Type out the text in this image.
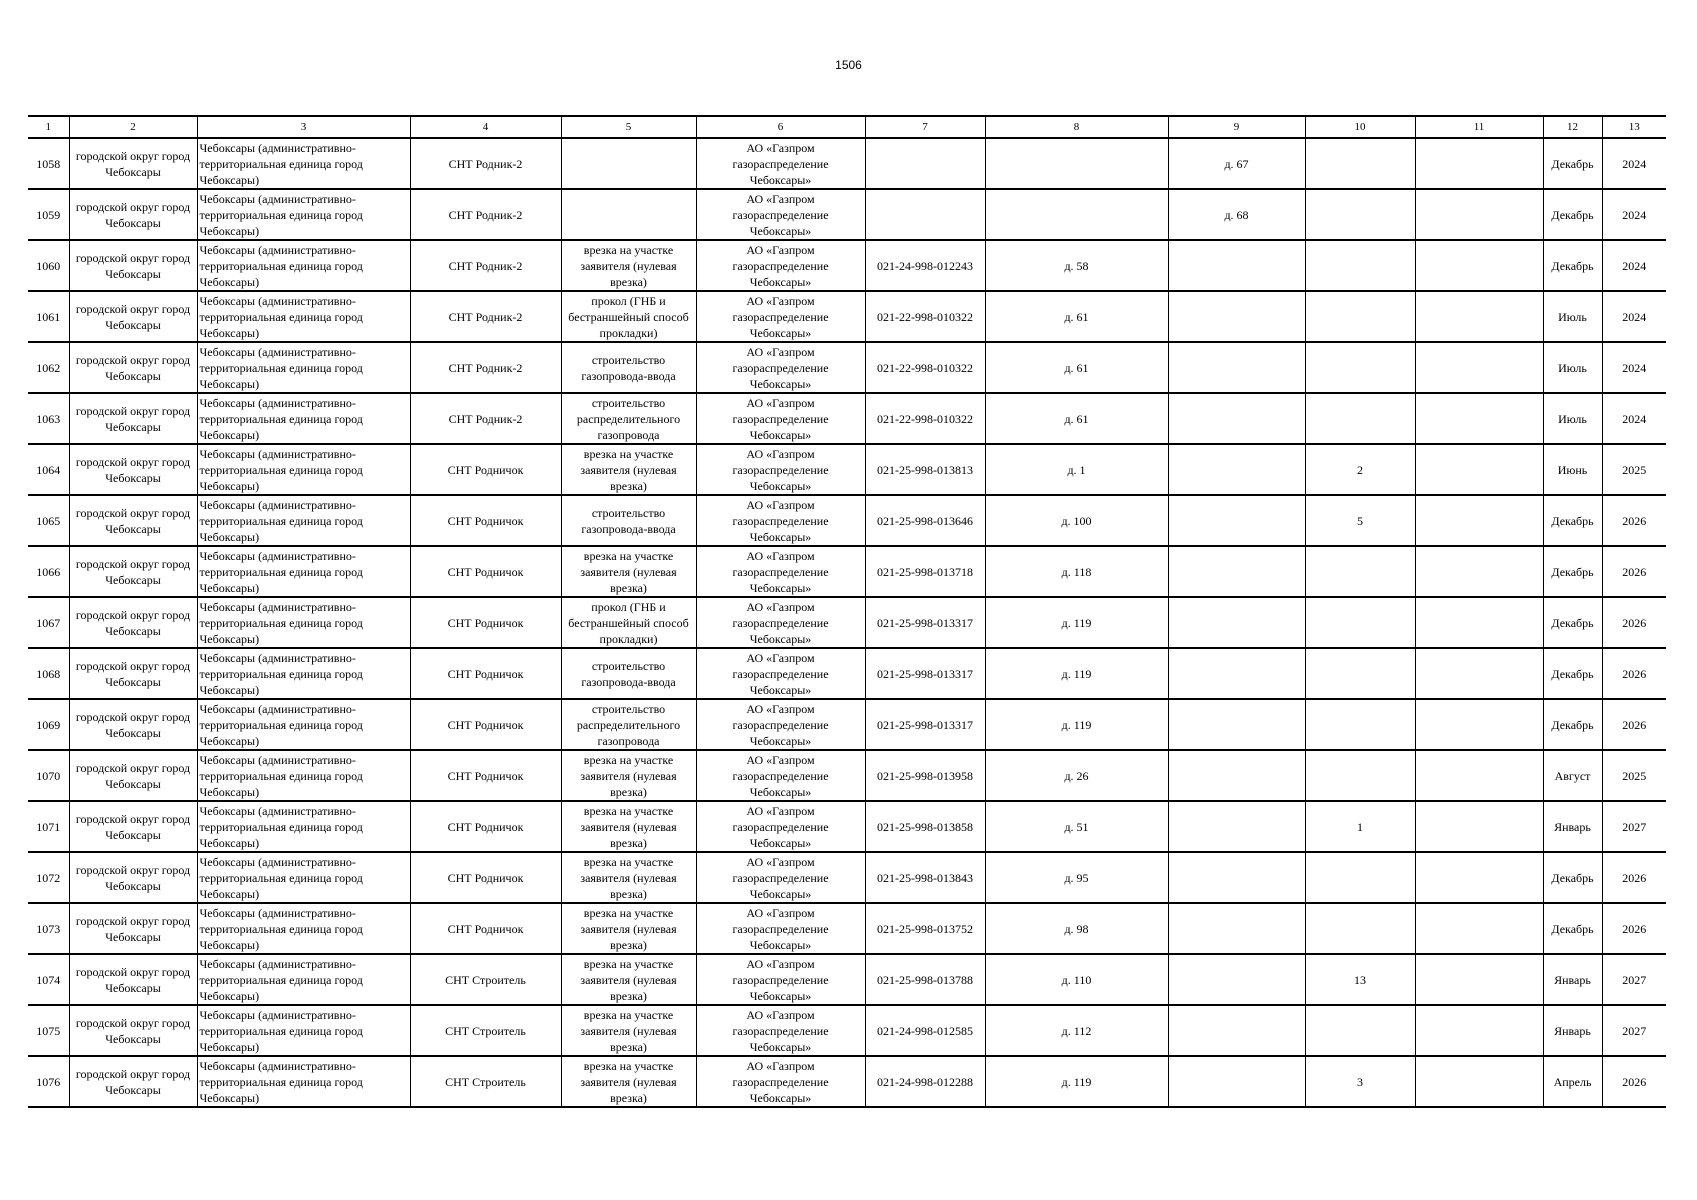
1506
1	2	3	4	5	6	7	8	9	10	11	12	13
1058	городской округ город
Чебоксары	Чебоксары (административно-
территориальная единица город
Чебоксары)	СНТ Родник-2		АО «Газпром
газораспределение
Чебоксары»			д. 67			Декабрь	2024
1059	городской округ город
Чебоксары	Чебоксары (административно-
территориальная единица город
Чебоксары)	СНТ Родник-2		АО «Газпром
газораспределение
Чебоксары»			д. 68			Декабрь	2024
1060	городской округ город
Чебоксары	Чебоксары (административно-
территориальная единица город
Чебоксары)	СНТ Родник-2	врезка на участке
заявителя (нулевая
врезка)	АО «Газпром
газораспределение
Чебоксары»	021-24-998-012243	д. 58				Декабрь	2024
1061	городской округ город
Чебоксары	Чебоксары (административно-
территориальная единица город
Чебоксары)	СНТ Родник-2	прокол (ГНБ и
бестраншейный способ
прокладки)	АО «Газпром
газораспределение
Чебоксары»	021-22-998-010322	д. 61				Июль	2024
1062	городской округ город
Чебоксары	Чебоксары (административно-
территориальная единица город
Чебоксары)	СНТ Родник-2	строительство
газопровода-ввода	АО «Газпром
газораспределение
Чебоксары»	021-22-998-010322	д. 61				Июль	2024
1063	городской округ город
Чебоксары	Чебоксары (административно-
территориальная единица город
Чебоксары)	СНТ Родник-2	строительство
распределительного
газопровода	АО «Газпром
газораспределение
Чебоксары»	021-22-998-010322	д. 61				Июль	2024
1064	городской округ город
Чебоксары	Чебоксары (административно-
территориальная единица город
Чебоксары)	СНТ Родничок	врезка на участке
заявителя (нулевая
врезка)	АО «Газпром
газораспределение
Чебоксары»	021-25-998-013813	д. 1		2		Июнь	2025
1065	городской округ город
Чебоксары	Чебоксары (административно-
территориальная единица город
Чебоксары)	СНТ Родничок	строительство
газопровода-ввода	АО «Газпром
газораспределение
Чебоксары»	021-25-998-013646	д. 100		5		Декабрь	2026
1066	городской округ город
Чебоксары	Чебоксары (административно-
территориальная единица город
Чебоксары)	СНТ Родничок	врезка на участке
заявителя (нулевая
врезка)	АО «Газпром
газораспределение
Чебоксары»	021-25-998-013718	д. 118				Декабрь	2026
1067	городской округ город
Чебоксары	Чебоксары (административно-
территориальная единица город
Чебоксары)	СНТ Родничок	прокол (ГНБ и
бестраншейный способ
прокладки)	АО «Газпром
газораспределение
Чебоксары»	021-25-998-013317	д. 119				Декабрь	2026
1068	городской округ город
Чебоксары	Чебоксары (административно-
территориальная единица город
Чебоксары)	СНТ Родничок	строительство
газопровода-ввода	АО «Газпром
газораспределение
Чебоксары»	021-25-998-013317	д. 119				Декабрь	2026
1069	городской округ город
Чебоксары	Чебоксары (административно-
территориальная единица город
Чебоксары)	СНТ Родничок	строительство
распределительного
газопровода	АО «Газпром
газораспределение
Чебоксары»	021-25-998-013317	д. 119				Декабрь	2026
1070	городской округ город
Чебоксары	Чебоксары (административно-
территориальная единица город
Чебоксары)	СНТ Родничок	врезка на участке
заявителя (нулевая
врезка)	АО «Газпром
газораспределение
Чебоксары»	021-25-998-013958	д. 26				Август	2025
1071	городской округ город
Чебоксары	Чебоксары (административно-
территориальная единица город
Чебоксары)	СНТ Родничок	врезка на участке
заявителя (нулевая
врезка)	АО «Газпром
газораспределение
Чебоксары»	021-25-998-013858	д. 51		1		Январь	2027
1072	городской округ город
Чебоксары	Чебоксары (административно-
территориальная единица город
Чебоксары)	СНТ Родничок	врезка на участке
заявителя (нулевая
врезка)	АО «Газпром
газораспределение
Чебоксары»	021-25-998-013843	д. 95				Декабрь	2026
1073	городской округ город
Чебоксары	Чебоксары (административно-
территориальная единица город
Чебоксары)	СНТ Родничок	врезка на участке
заявителя (нулевая
врезка)	АО «Газпром
газораспределение
Чебоксары»	021-25-998-013752	д. 98				Декабрь	2026
1074	городской округ город
Чебоксары	Чебоксары (административно-
территориальная единица город
Чебоксары)	СНТ Строитель	врезка на участке
заявителя (нулевая
врезка)	АО «Газпром
газораспределение
Чебоксары»	021-25-998-013788	д. 110		13		Январь	2027
1075	городской округ город
Чебоксары	Чебоксары (административно-
территориальная единица город
Чебоксары)	СНТ Строитель	врезка на участке
заявителя (нулевая
врезка)	АО «Газпром
газораспределение
Чебоксары»	021-24-998-012585	д. 112				Январь	2027
1076	городской округ город
Чебоксары	Чебоксары (административно-
территориальная единица город
Чебоксары)	СНТ Строитель	врезка на участке
заявителя (нулевая
врезка)	АО «Газпром
газораспределение
Чебоксары»	021-24-998-012288	д. 119		3		Апрель	2026
